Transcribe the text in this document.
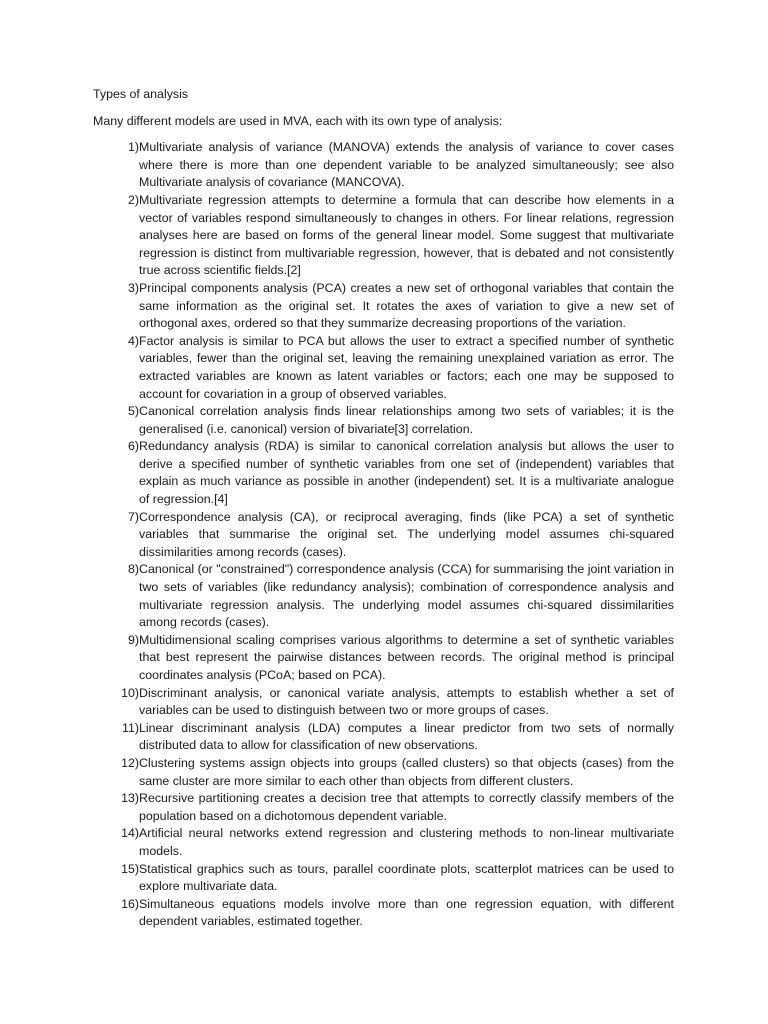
Types of analysis

Many different models are used in MVA, each with its own type of analysis:

1) Multivariate analysis of variance (MANOVA) extends the analysis of variance to cover cases where there is more than one dependent variable to be analyzed simultaneously; see also Multivariate analysis of covariance (MANCOVA).
2) Multivariate regression attempts to determine a formula that can describe how elements in a vector of variables respond simultaneously to changes in others. For linear relations, regression analyses here are based on forms of the general linear model. Some suggest that multivariate regression is distinct from multivariable regression, however, that is debated and not consistently true across scientific fields.[2]
3) Principal components analysis (PCA) creates a new set of orthogonal variables that contain the same information as the original set. It rotates the axes of variation to give a new set of orthogonal axes, ordered so that they summarize decreasing proportions of the variation.
4) Factor analysis is similar to PCA but allows the user to extract a specified number of synthetic variables, fewer than the original set, leaving the remaining unexplained variation as error. The extracted variables are known as latent variables or factors; each one may be supposed to account for covariation in a group of observed variables.
5) Canonical correlation analysis finds linear relationships among two sets of variables; it is the generalised (i.e. canonical) version of bivariate[3] correlation.
6) Redundancy analysis (RDA) is similar to canonical correlation analysis but allows the user to derive a specified number of synthetic variables from one set of (independent) variables that explain as much variance as possible in another (independent) set. It is a multivariate analogue of regression.[4]
7) Correspondence analysis (CA), or reciprocal averaging, finds (like PCA) a set of synthetic variables that summarise the original set. The underlying model assumes chi-squared dissimilarities among records (cases).
8) Canonical (or "constrained") correspondence analysis (CCA) for summarising the joint variation in two sets of variables (like redundancy analysis); combination of correspondence analysis and multivariate regression analysis. The underlying model assumes chi-squared dissimilarities among records (cases).
9) Multidimensional scaling comprises various algorithms to determine a set of synthetic variables that best represent the pairwise distances between records. The original method is principal coordinates analysis (PCoA; based on PCA).
10) Discriminant analysis, or canonical variate analysis, attempts to establish whether a set of variables can be used to distinguish between two or more groups of cases.
11) Linear discriminant analysis (LDA) computes a linear predictor from two sets of normally distributed data to allow for classification of new observations.
12) Clustering systems assign objects into groups (called clusters) so that objects (cases) from the same cluster are more similar to each other than objects from different clusters.
13) Recursive partitioning creates a decision tree that attempts to correctly classify members of the population based on a dichotomous dependent variable.
14) Artificial neural networks extend regression and clustering methods to non-linear multivariate models.
15) Statistical graphics such as tours, parallel coordinate plots, scatterplot matrices can be used to explore multivariate data.
16) Simultaneous equations models involve more than one regression equation, with different dependent variables, estimated together.
